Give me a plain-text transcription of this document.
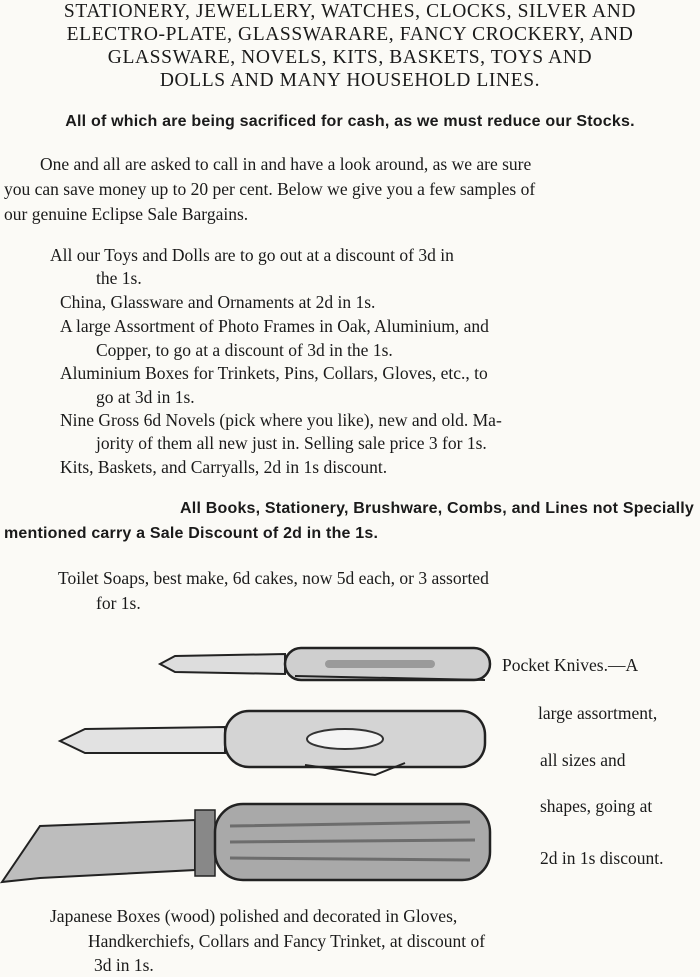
STATIONERY, JEWELLERY, WATCHES, CLOCKS, SILVER AND
ELECTRO-PLATE, GLASSWARARE, FANCY CROCKERY, AND
GLASSWARE, NOVELS, KITS, BASKETS, TOYS AND
DOLLS AND MANY HOUSEHOLD LINES.
All of which are being sacrificed for cash, as we must reduce our Stocks.
One and all are asked to call in and have a look around, as we are sure
you can save money up to 20 per cent. Below we give you a few samples of
our genuine Eclipse Sale Bargains.
All our Toys and Dolls are to go out at a discount of 3d in
the 1s.
China, Glassware and Ornaments at 2d in 1s.
A large Assortment of Photo Frames in Oak, Aluminium, and
Copper, to go at a discount of 3d in the 1s.
Aluminium Boxes for Trinkets, Pins, Collars, Gloves, etc., to
go at 3d in 1s.
Nine Gross 6d Novels (pick where you like), new and old. Ma-
jority of them all new just in. Selling sale price 3 for 1s.
Kits, Baskets, and Carryalls, 2d in 1s discount.
All Books, Stationery, Brushware, Combs, and Lines not Specially
mentioned carry a Sale Discount of 2d in the 1s.
Toilet Soaps, best make, 6d cakes, now 5d each, or 3 assorted
for 1s.
Pocket Knives.—A
large assortment,
all sizes and
shapes, going at
2d in 1s discount.
Japanese Boxes (wood) polished and decorated in Gloves,
Handkerchiefs, Collars and Fancy Trinket, at discount of
3d in 1s.
